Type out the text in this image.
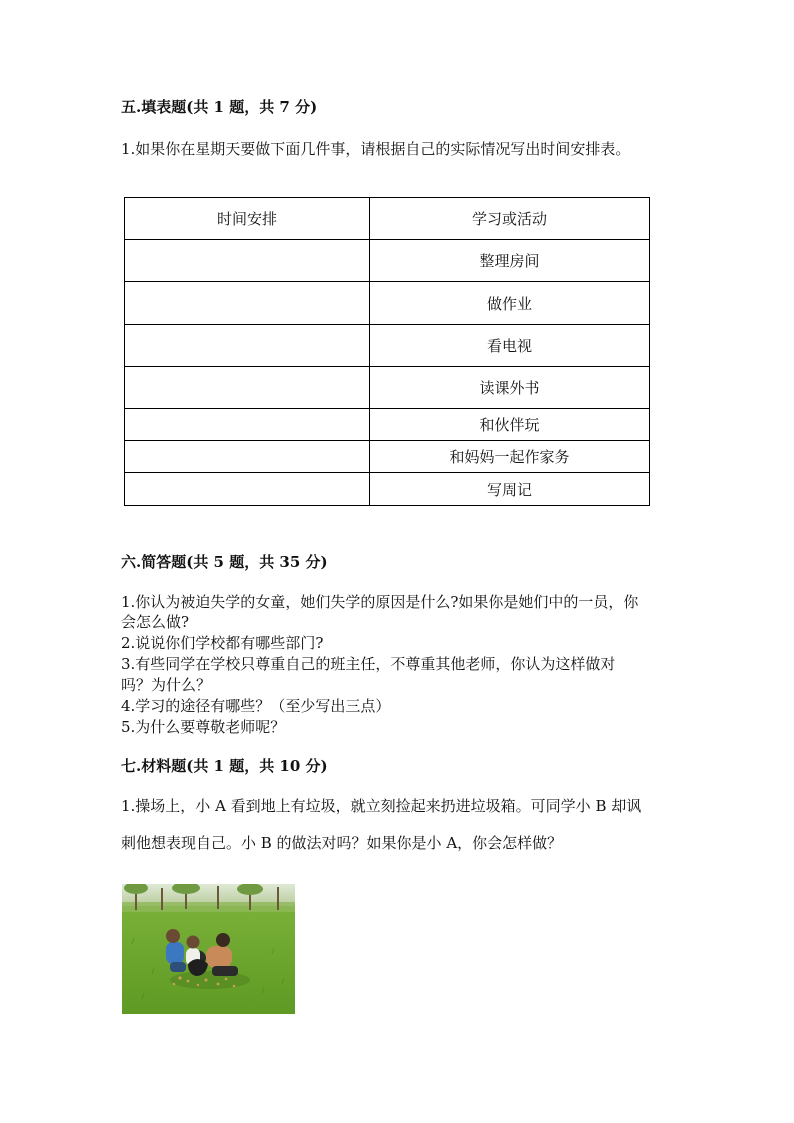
五.填表题(共 1 题，共 7 分)
1.如果你在星期天要做下面几件事，请根据自己的实际情况写出时间安排表。
时间安排	学习或活动
	整理房间
	做作业
	看电视
	读课外书
	和伙伴玩
	和妈妈一起作家务
	写周记
六.简答题(共 5 题，共 35 分)
1.你认为被迫失学的女童，她们失学的原因是什么?如果你是她们中的一员，你
会怎么做?
2.说说你们学校都有哪些部门?
3.有些同学在学校只尊重自己的班主任，不尊重其他老师，你认为这样做对
吗？为什么？
4.学习的途径有哪些？（至少写出三点）
5.为什么要尊敬老师呢？
七.材料题(共 1 题，共 10 分)
1.操场上，小 A 看到地上有垃圾，就立刻捡起来扔进垃圾箱。可同学小 B 却讽
刺他想表现自己。小 B 的做法对吗？如果你是小 A，你会怎样做？
